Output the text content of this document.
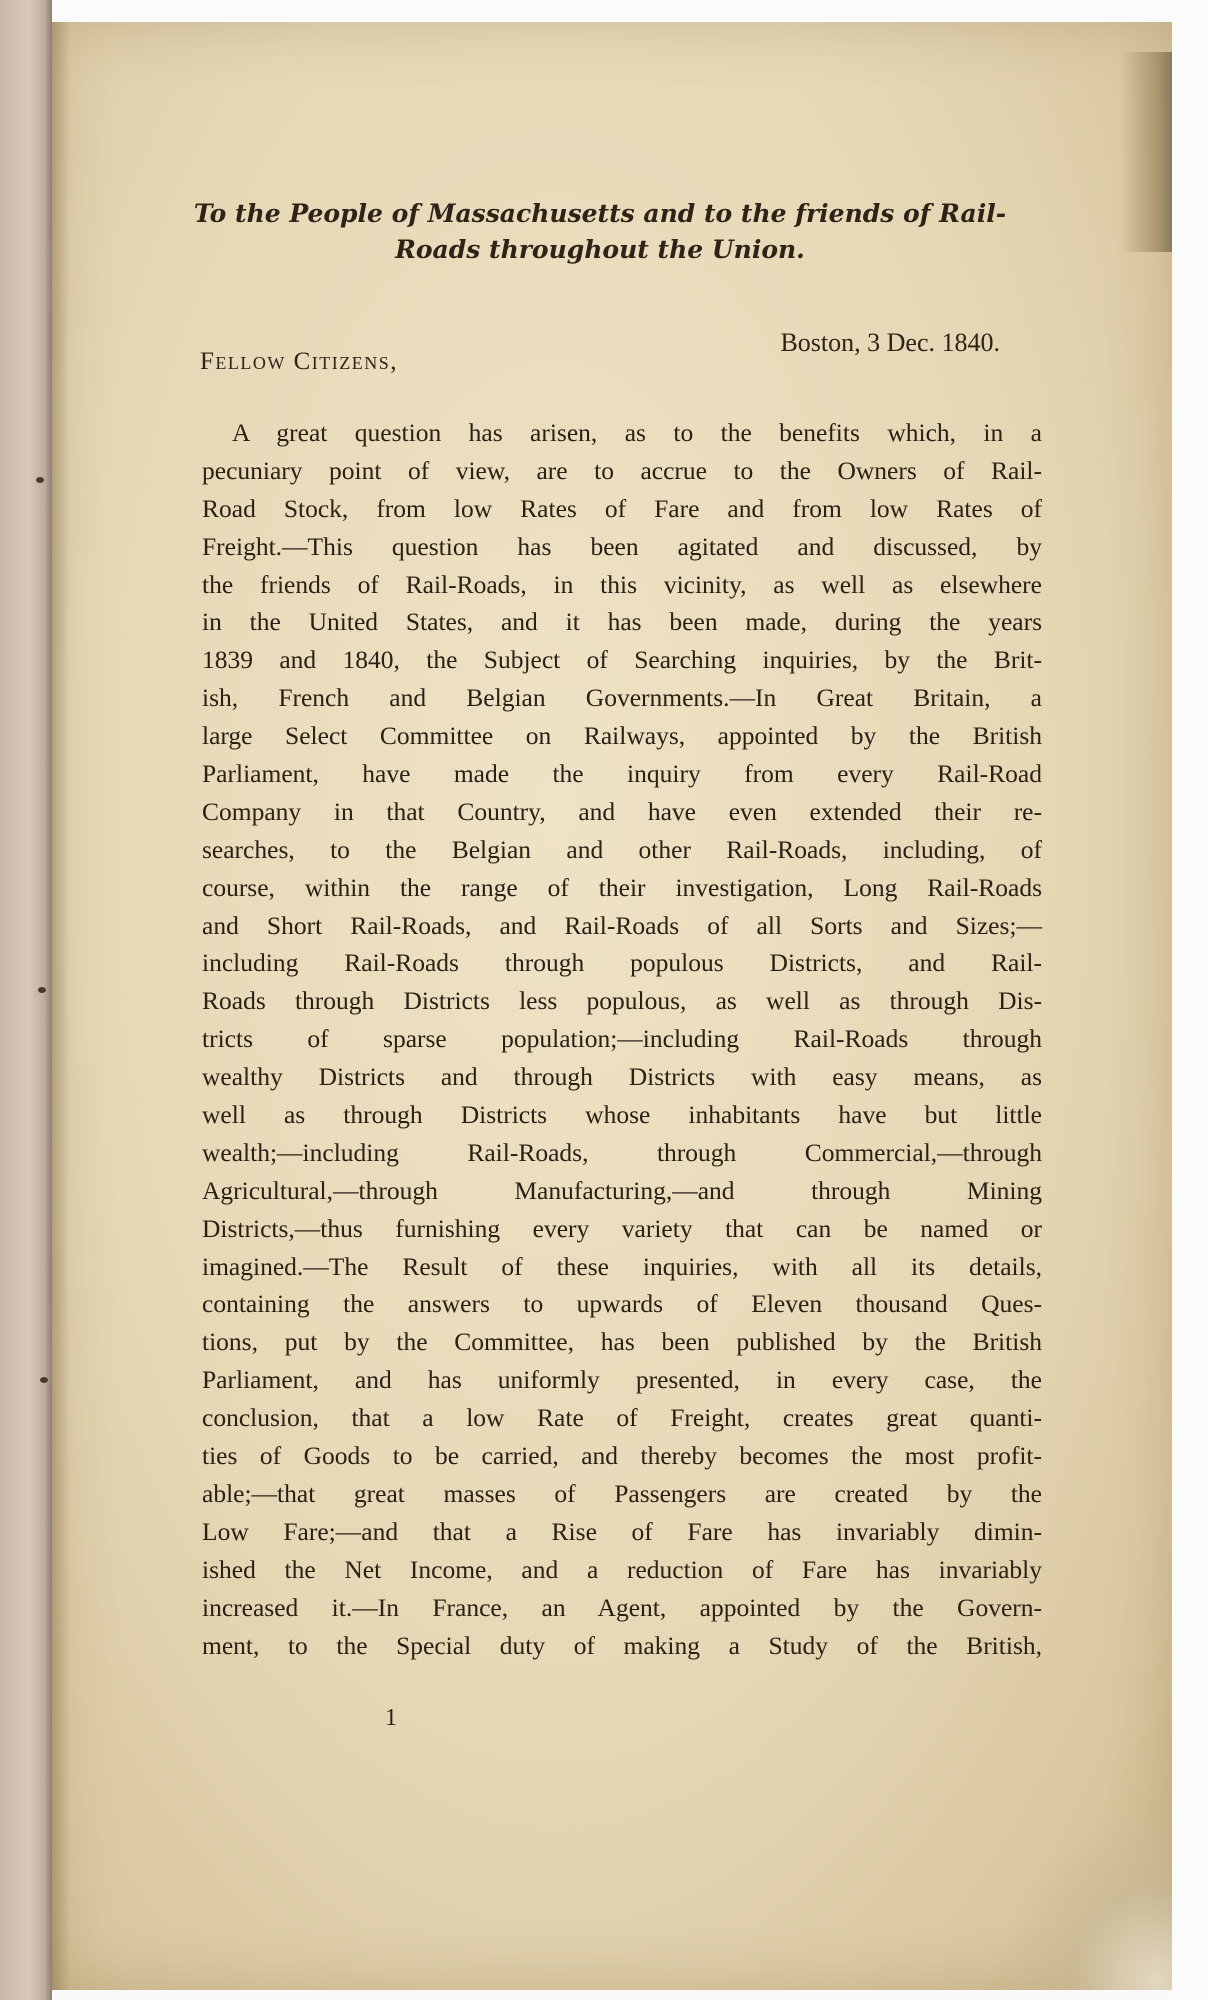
To the People of Massachusetts and to the friends of Rail-
Roads throughout the Union.
Boston, 3 Dec. 1840.
Fellow Citizens,
A great question has arisen, as to the benefits which, in a
pecuniary point of view, are to accrue to the Owners of Rail-
Road Stock, from low Rates of Fare and from low Rates of
Freight.—This question has been agitated and discussed, by
the friends of Rail-Roads, in this vicinity, as well as elsewhere
in the United States, and it has been made, during the years
1839 and 1840, the Subject of Searching inquiries, by the Brit-
ish, French and Belgian Governments.—In Great Britain, a
large Select Committee on Railways, appointed by the British
Parliament, have made the inquiry from every Rail-Road
Company in that Country, and have even extended their re-
searches, to the Belgian and other Rail-Roads, including, of
course, within the range of their investigation, Long Rail-Roads
and Short Rail-Roads, and Rail-Roads of all Sorts and Sizes;—
including Rail-Roads through populous Districts, and Rail-
Roads through Districts less populous, as well as through Dis-
tricts of sparse population;—including Rail-Roads through
wealthy Districts and through Districts with easy means, as
well as through Districts whose inhabitants have but little
wealth;—including Rail-Roads, through Commercial,—through
Agricultural,—through Manufacturing,—and through Mining
Districts,—thus furnishing every variety that can be named or
imagined.—The Result of these inquiries, with all its details,
containing the answers to upwards of Eleven thousand Ques-
tions, put by the Committee, has been published by the British
Parliament, and has uniformly presented, in every case, the
conclusion, that a low Rate of Freight, creates great quanti-
ties of Goods to be carried, and thereby becomes the most profit-
able;—that great masses of Passengers are created by the
Low Fare;—and that a Rise of Fare has invariably dimin-
ished the Net Income, and a reduction of Fare has invariably
increased it.—In France, an Agent, appointed by the Govern-
ment, to the Special duty of making a Study of the British,
1
